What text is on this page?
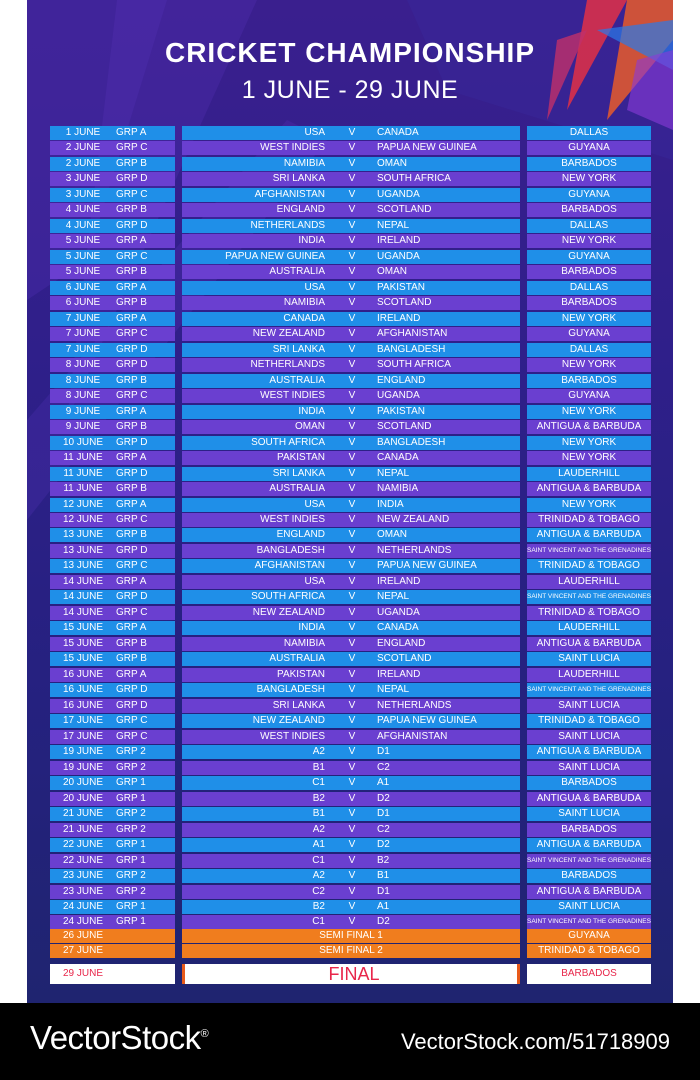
CRICKET CHAMPIONSHIP
1 JUNE - 29 JUNE
1 JUNE	GRP A	USA	V	CANADA	DALLAS
2 JUNE	GRP C	WEST INDIES	V	PAPUA NEW GUINEA	GUYANA
2 JUNE	GRP B	NAMIBIA	V	OMAN	BARBADOS
3 JUNE	GRP D	SRI LANKA	V	SOUTH AFRICA	NEW YORK
3 JUNE	GRP C	AFGHANISTAN	V	UGANDA	GUYANA
4 JUNE	GRP B	ENGLAND	V	SCOTLAND	BARBADOS
4 JUNE	GRP D	NETHERLANDS	V	NEPAL	DALLAS
5 JUNE	GRP A	INDIA	V	IRELAND	NEW YORK
5 JUNE	GRP C	PAPUA NEW GUINEA	V	UGANDA	GUYANA
5 JUNE	GRP B	AUSTRALIA	V	OMAN	BARBADOS
6 JUNE	GRP A	USA	V	PAKISTAN	DALLAS
6 JUNE	GRP B	NAMIBIA	V	SCOTLAND	BARBADOS
7 JUNE	GRP A	CANADA	V	IRELAND	NEW YORK
7 JUNE	GRP C	NEW ZEALAND	V	AFGHANISTAN	GUYANA
7 JUNE	GRP D	SRI LANKA	V	BANGLADESH	DALLAS
8 JUNE	GRP D	NETHERLANDS	V	SOUTH AFRICA	NEW YORK
8 JUNE	GRP B	AUSTRALIA	V	ENGLAND	BARBADOS
8 JUNE	GRP C	WEST INDIES	V	UGANDA	GUYANA
9 JUNE	GRP A	INDIA	V	PAKISTAN	NEW YORK
9 JUNE	GRP B	OMAN	V	SCOTLAND	ANTIGUA & BARBUDA
10 JUNE	GRP D	SOUTH AFRICA	V	BANGLADESH	NEW YORK
11 JUNE	GRP A	PAKISTAN	V	CANADA	NEW YORK
11 JUNE	GRP D	SRI LANKA	V	NEPAL	LAUDERHILL
11 JUNE	GRP B	AUSTRALIA	V	NAMIBIA	ANTIGUA & BARBUDA
12 JUNE	GRP A	USA	V	INDIA	NEW YORK
12 JUNE	GRP C	WEST INDIES	V	NEW ZEALAND	TRINIDAD & TOBAGO
13 JUNE	GRP B	ENGLAND	V	OMAN	ANTIGUA & BARBUDA
13 JUNE	GRP D	BANGLADESH	V	NETHERLANDS	SAINT VINCENT AND THE GRENADINES
13 JUNE	GRP C	AFGHANISTAN	V	PAPUA NEW GUINEA	TRINIDAD & TOBAGO
14 JUNE	GRP A	USA	V	IRELAND	LAUDERHILL
14 JUNE	GRP D	SOUTH AFRICA	V	NEPAL	SAINT VINCENT AND THE GRENADINES
14 JUNE	GRP C	NEW ZEALAND	V	UGANDA	TRINIDAD & TOBAGO
15 JUNE	GRP A	INDIA	V	CANADA	LAUDERHILL
15 JUNE	GRP B	NAMIBIA	V	ENGLAND	ANTIGUA & BARBUDA
15 JUNE	GRP B	AUSTRALIA	V	SCOTLAND	SAINT LUCIA
16 JUNE	GRP A	PAKISTAN	V	IRELAND	LAUDERHILL
16 JUNE	GRP D	BANGLADESH	V	NEPAL	SAINT VINCENT AND THE GRENADINES
16 JUNE	GRP D	SRI LANKA	V	NETHERLANDS	SAINT LUCIA
17 JUNE	GRP C	NEW ZEALAND	V	PAPUA NEW GUINEA	TRINIDAD & TOBAGO
17 JUNE	GRP C	WEST INDIES	V	AFGHANISTAN	SAINT LUCIA
19 JUNE	GRP 2	A2	V	D1	ANTIGUA & BARBUDA
19 JUNE	GRP 2	B1	V	C2	SAINT LUCIA
20 JUNE	GRP 1	C1	V	A1	BARBADOS
20 JUNE	GRP 1	B2	V	D2	ANTIGUA & BARBUDA
21 JUNE	GRP 2	B1	V	D1	SAINT LUCIA
21 JUNE	GRP 2	A2	V	C2	BARBADOS
22 JUNE	GRP 1	A1	V	D2	ANTIGUA & BARBUDA
22 JUNE	GRP 1	C1	V	B2	SAINT VINCENT AND THE GRENADINES
23 JUNE	GRP 2	A2	V	B1	BARBADOS
23 JUNE	GRP 2	C2	V	D1	ANTIGUA & BARBUDA
24 JUNE	GRP 1	B2	V	A1	SAINT LUCIA
24 JUNE	GRP 1	C1	V	D2	SAINT VINCENT AND THE GRENADINES
26 JUNE	SEMI FINAL 1	GUYANA
27 JUNE	SEMI FINAL 2	TRINIDAD & TOBAGO
29 JUNE	FINAL	BARBADOS
VectorStock®	VectorStock.com/51718909
